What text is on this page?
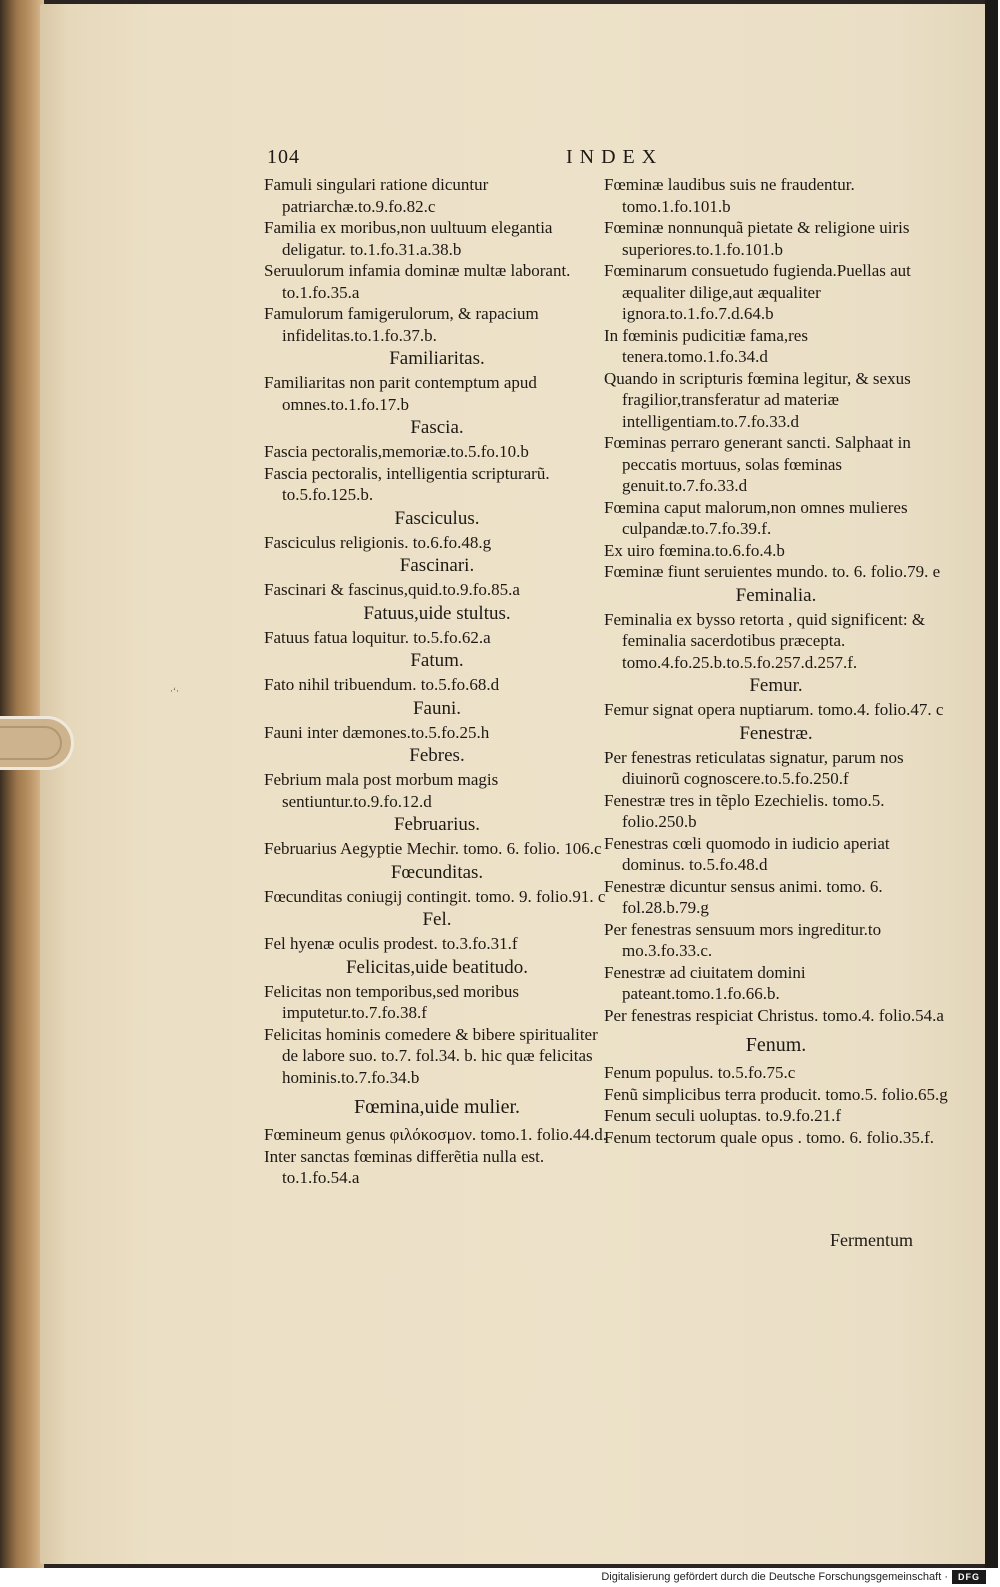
·ʻ·
104	INDEX
Famuli singulari ratione dicuntur patriarchæ.to.9.fo.82.c
Familia ex moribus,non uultuum elegantia deligatur. to.1.fo.31.a.38.b
Seruulorum infamia dominæ multæ laborant. to.1.fo.35.a
Famulorum famigerulorum, & rapacium infidelitas.to.1.fo.37.b.
Familiaritas.
Familiaritas non parit contemptum apud omnes.to.1.fo.17.b
Fascia.
Fascia pectoralis,memoriæ.to.5.fo.10.b
Fascia pectoralis, intelligentia scripturarũ. to.5.fo.125.b.
Fasciculus.
Fasciculus religionis. to.6.fo.48.g
Fascinari.
Fascinari & fascinus,quid.to.9.fo.85.a
Fatuus,uide stultus.
Fatuus fatua loquitur. to.5.fo.62.a
Fatum.
Fato nihil tribuendum. to.5.fo.68.d
Fauni.
Fauni inter dæmones.to.5.fo.25.h
Febres.
Febrium mala post morbum magis sentiuntur.to.9.fo.12.d
Februarius.
Februarius Aegyptie Mechir. tomo. 6. folio. 106.c
Fœcunditas.
Fœcunditas coniugij contingit. tomo. 9. folio.91. c
Fel.
Fel hyenæ oculis prodest. to.3.fo.31.f
Felicitas,uide beatitudo.
Felicitas non temporibus,sed moribus imputetur.to.7.fo.38.f
Felicitas hominis comedere & bibere spiritualiter de labore suo. to.7. fol.34. b. hic quæ felicitas hominis.to.7.fo.34.b
Fœmina,uide mulier.
Fœmineum genus φιλόκοσμον. tomo.1. folio.44.d.
Inter sanctas fœminas differẽtia nulla est. to.1.fo.54.a
Fœminæ laudibus suis ne fraudentur. tomo.1.fo.101.b
Fœminæ nonnunquã pietate & religione uiris superiores.to.1.fo.101.b
Fœminarum consuetudo fugienda.Puellas aut æqualiter dilige,aut æqualiter ignora.to.1.fo.7.d.64.b
In fœminis pudicitiæ fama,res tenera.tomo.1.fo.34.d
Quando in scripturis fœmina legitur, & sexus fragilior,transferatur ad materiæ intelligentiam.to.7.fo.33.d
Fœminas perraro generant sancti. Salphaat in peccatis mortuus, solas fœminas genuit.to.7.fo.33.d
Fœmina caput malorum,non omnes mulieres culpandæ.to.7.fo.39.f.
Ex uiro fœmina.to.6.fo.4.b
Fœminæ fiunt seruientes mundo. to. 6. folio.79. e
Feminalia.
Feminalia ex bysso retorta , quid significent: & feminalia sacerdotibus præcepta. tomo.4.fo.25.b.to.5.fo.257.d.257.f.
Femur.
Femur signat opera nuptiarum. tomo.4. folio.47. c
Fenestræ.
Per fenestras reticulatas signatur, parum nos diuinorũ cognoscere.to.5.fo.250.f
Fenestræ tres in tẽplo Ezechielis. tomo.5. folio.250.b
Fenestras cœli quomodo in iudicio aperiat dominus. to.5.fo.48.d
Fenestræ dicuntur sensus animi. tomo. 6. fol.28.b.79.g
Per fenestras sensuum mors ingreditur.to mo.3.fo.33.c.
Fenestræ ad ciuitatem domini pateant.tomo.1.fo.66.b.
Per fenestras respiciat Christus. tomo.4. folio.54.a
Fenum.
Fenum populus. to.5.fo.75.c
Fenũ simplicibus terra producit. tomo.5. folio.65.g
Fenum seculi uoluptas. to.9.fo.21.f
Fenum tectorum quale opus . tomo. 6. folio.35.f.
Fermentum
Digitalisierung gefördert durch die Deutsche Forschungsgemeinschaft ·	DFG
